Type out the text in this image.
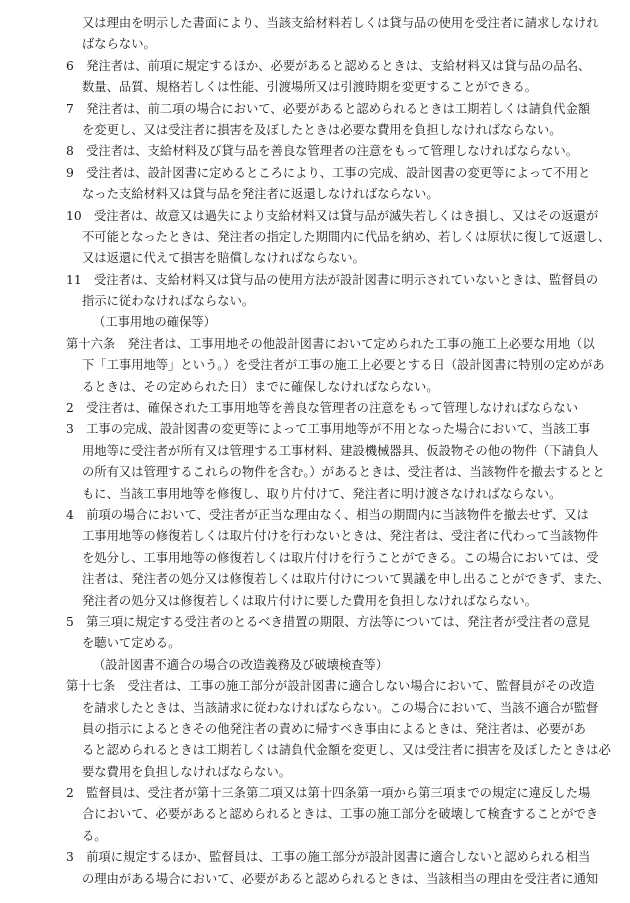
又は理由を明示した書面により、当該支給材料若しくは貸与品の使用を受注者に請求しなけれ
ばならない。
6　発注者は、前項に規定するほか、必要があると認めるときは、支給材料又は貸与品の品名、
数量、品質、規格若しくは性能、引渡場所又は引渡時期を変更することができる。
7　発注者は、前二項の場合において、必要があると認められるときは工期若しくは請負代金額
を変更し、又は受注者に損害を及ぼしたときは必要な費用を負担しなければならない。
8　受注者は、支給材料及び貸与品を善良な管理者の注意をもって管理しなければならない。
9　受注者は、設計図書に定めるところにより、工事の完成、設計図書の変更等によって不用と
なった支給材料又は貸与品を発注者に返還しなければならない。
10　受注者は、故意又は過失により支給材料又は貸与品が滅失若しくはき損し、又はその返還が
不可能となったときは、発注者の指定した期間内に代品を納め、若しくは原状に復して返還し、
又は返還に代えて損害を賠償しなければならない。
11　受注者は、支給材料又は貸与品の使用方法が設計図書に明示されていないときは、監督員の
指示に従わなければならない。
（工事用地の確保等）
第十六条　発注者は、工事用地その他設計図書において定められた工事の施工上必要な用地（以
下「工事用地等」という。）を受注者が工事の施工上必要とする日（設計図書に特別の定めがあ
るときは、その定められた日）までに確保しなければならない。
2　受注者は、確保された工事用地等を善良な管理者の注意をもって管理しなければならない
3　工事の完成、設計図書の変更等によって工事用地等が不用となった場合において、当該工事
用地等に受注者が所有又は管理する工事材料、建設機械器具、仮設物その他の物件（下請負人
の所有又は管理するこれらの物件を含む。）があるときは、受注者は、当該物件を撤去するとと
もに、当該工事用地等を修復し、取り片付けて、発注者に明け渡さなければならない。
4　前項の場合において、受注者が正当な理由なく、相当の期間内に当該物件を撤去せず、又は
工事用地等の修復若しくは取片付けを行わないときは、発注者は、受注者に代わって当該物件
を処分し、工事用地等の修復若しくは取片付けを行うことができる。この場合においては、受
注者は、発注者の処分又は修復若しくは取片付けについて異議を申し出ることができず、また、
発注者の処分又は修復若しくは取片付けに要した費用を負担しなければならない。
5　第三項に規定する受注者のとるべき措置の期限、方法等については、発注者が受注者の意見
を聴いて定める。
（設計図書不適合の場合の改造義務及び破壊検査等）
第十七条　受注者は、工事の施工部分が設計図書に適合しない場合において、監督員がその改造
を請求したときは、当該請求に従わなければならない。この場合において、当該不適合が監督
員の指示によるときその他発注者の責めに帰すべき事由によるときは、発注者は、必要があ
ると認められるときは工期若しくは請負代金額を変更し、又は受注者に損害を及ぼしたときは必
要な費用を負担しなければならない。
2　監督員は、受注者が第十三条第二項又は第十四条第一項から第三項までの規定に違反した場
合において、必要があると認められるときは、工事の施工部分を破壊して検査することができ
る。
3　前項に規定するほか、監督員は、工事の施工部分が設計図書に適合しないと認められる相当
の理由がある場合において、必要があると認められるときは、当該相当の理由を受注者に通知
